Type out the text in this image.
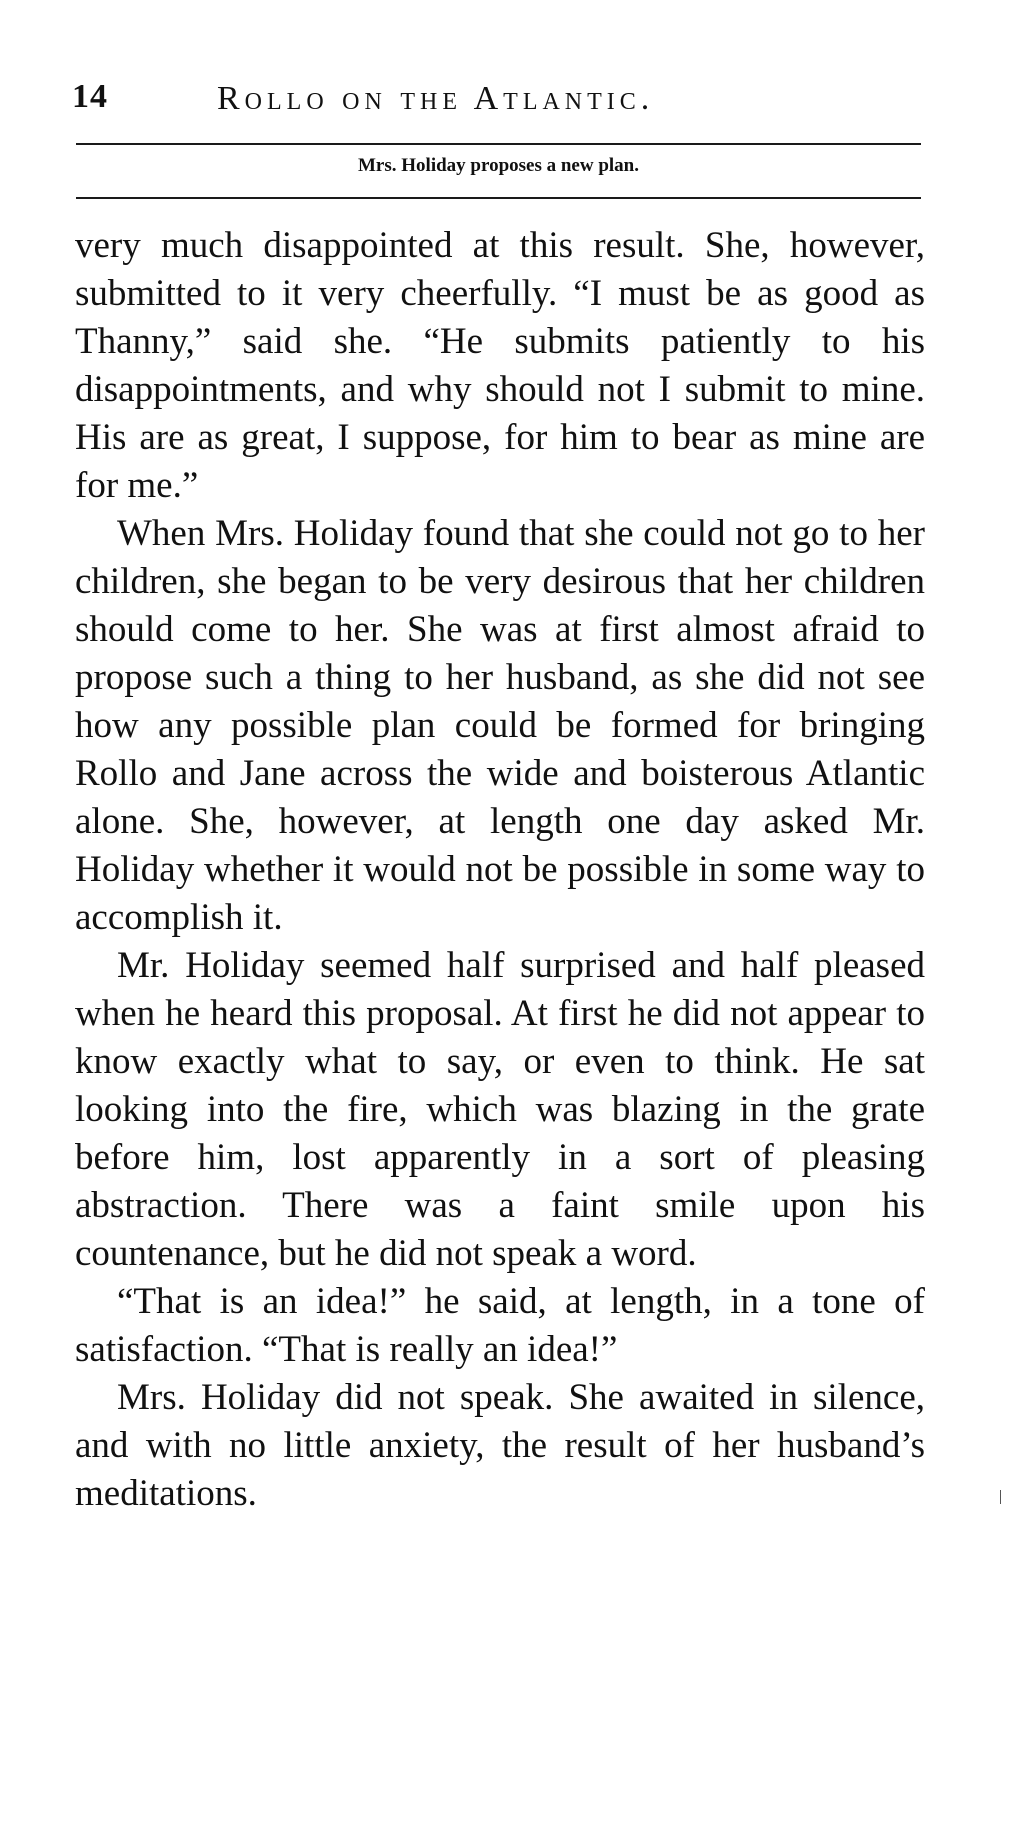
14	Rollo on the Atlantic.
Mrs. Holiday proposes a new plan.

very much disappointed at this result. She, however, submitted to it very cheerfully. “I must be as good as Thanny,” said she. “He submits patiently to his disappointments, and why should not I submit to mine. His are as great, I suppose, for him to bear as mine are for me.”

When Mrs. Holiday found that she could not go to her children, she began to be very desirous that her children should come to her. She was at first almost afraid to propose such a thing to her husband, as she did not see how any possible plan could be formed for bringing Rollo and Jane across the wide and boisterous Atlantic alone. She, however, at length one day asked Mr. Holiday whether it would not be possible in some way to accomplish it.

Mr. Holiday seemed half surprised and half pleased when he heard this proposal. At first he did not appear to know exactly what to say, or even to think. He sat looking into the fire, which was blazing in the grate before him, lost apparently in a sort of pleasing abstraction. There was a faint smile upon his countenance, but he did not speak a word.

“That is an idea!” he said, at length, in a tone of satisfaction. “That is really an idea!”

Mrs. Holiday did not speak. She awaited in silence, and with no little anxiety, the result of her husband’s meditations.
